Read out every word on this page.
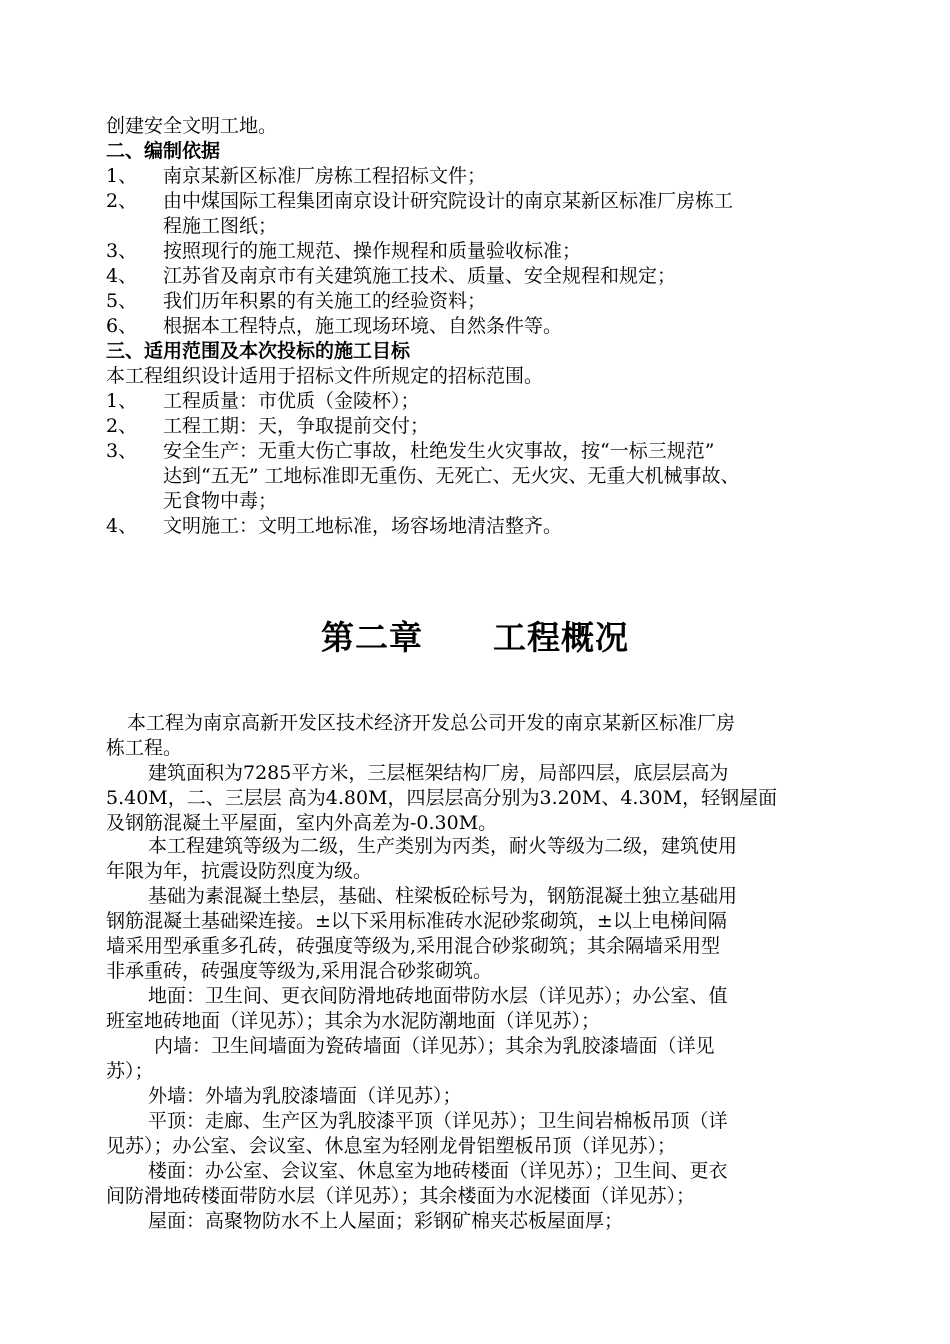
创建安全文明工地。
二、编制依据
1、 南京某新区标准厂房栋工程招标文件；
2、 由中煤国际工程集团南京设计研究院设计的南京某新区标准厂房栋工
程施工图纸；
3、 按照现行的施工规范、操作规程和质量验收标准；
4、 江苏省及南京市有关建筑施工技术、质量、安全规程和规定；
5、 我们历年积累的有关施工的经验资料；
6、 根据本工程特点，施工现场环境、自然条件等。
三、适用范围及本次投标的施工目标
本工程组织设计适用于招标文件所规定的招标范围。
1、 工程质量：市优质（金陵杯）；
2、 工程工期：天，争取提前交付；
3、 安全生产：无重大伤亡事故，杜绝发生火灾事故，按“一标三规范”
达到“五无” 工地标准即无重伤、无死亡、无火灾、无重大机械事故、
无食物中毒；
4、 文明施工：文明工地标准，场容场地清洁整齐。
第二章 工程概况
本工程为南京高新开发区技术经济开发总公司开发的南京某新区标准厂房
栋工程。
建筑面积为7285平方米，三层框架结构厂房，局部四层，底层层高为
5.40M，二、三层层 高为4.80M，四层层高分别为3.20M、4.30M，轻钢屋面
及钢筋混凝土平屋面，室内外高差为-0.30M。
本工程建筑等级为二级，生产类别为丙类，耐火等级为二级，建筑使用
年限为年，抗震设防烈度为级。
基础为素混凝土垫层，基础、柱梁板砼标号为，钢筋混凝土独立基础用
钢筋混凝土基础梁连接。±以下采用标准砖水泥砂浆砌筑，±以上电梯间隔
墙采用型承重多孔砖，砖强度等级为,采用混合砂浆砌筑；其余隔墙采用型
非承重砖，砖强度等级为,采用混合砂浆砌筑。
地面：卫生间、更衣间防滑地砖地面带防水层（详见苏）；办公室、值
班室地砖地面（详见苏）；其余为水泥防潮地面（详见苏）；
内墙：卫生间墙面为瓷砖墙面（详见苏）；其余为乳胶漆墙面（详见
苏）；
外墙：外墙为乳胶漆墙面（详见苏）；
平顶：走廊、生产区为乳胶漆平顶（详见苏）；卫生间岩棉板吊顶（详
见苏）；办公室、会议室、休息室为轻刚龙骨铝塑板吊顶（详见苏）；
楼面：办公室、会议室、休息室为地砖楼面（详见苏）；卫生间、更衣
间防滑地砖楼面带防水层（详见苏）；其余楼面为水泥楼面（详见苏）；
屋面：高聚物防水不上人屋面；彩钢矿棉夹芯板屋面厚；
